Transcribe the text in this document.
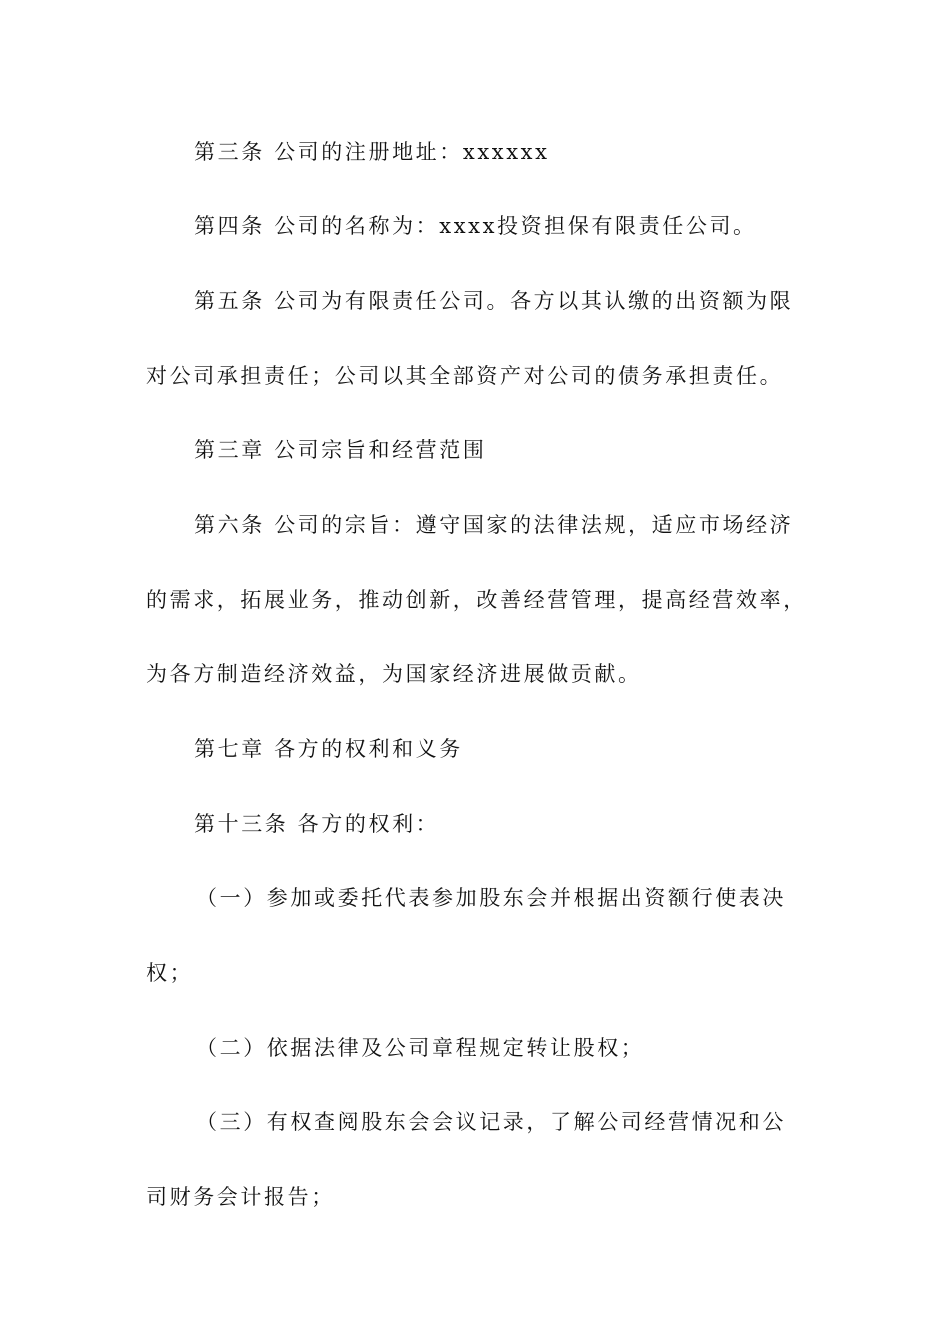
第三条 公司的注册地址：xxxxxx
第四条 公司的名称为：xxxx投资担保有限责任公司。
第五条 公司为有限责任公司。各方以其认缴的出资额为限
对公司承担责任；公司以其全部资产对公司的债务承担责任。
第三章 公司宗旨和经营范围
第六条 公司的宗旨：遵守国家的法律法规，适应市场经济
的需求，拓展业务，推动创新，改善经营管理，提高经营效率，
为各方制造经济效益，为国家经济进展做贡献。
第七章 各方的权利和义务
第十三条 各方的权利：
（一）参加或委托代表参加股东会并根据出资额行使表决
权；
（二）依据法律及公司章程规定转让股权；
（三）有权查阅股东会会议记录，了解公司经营情况和公
司财务会计报告；
